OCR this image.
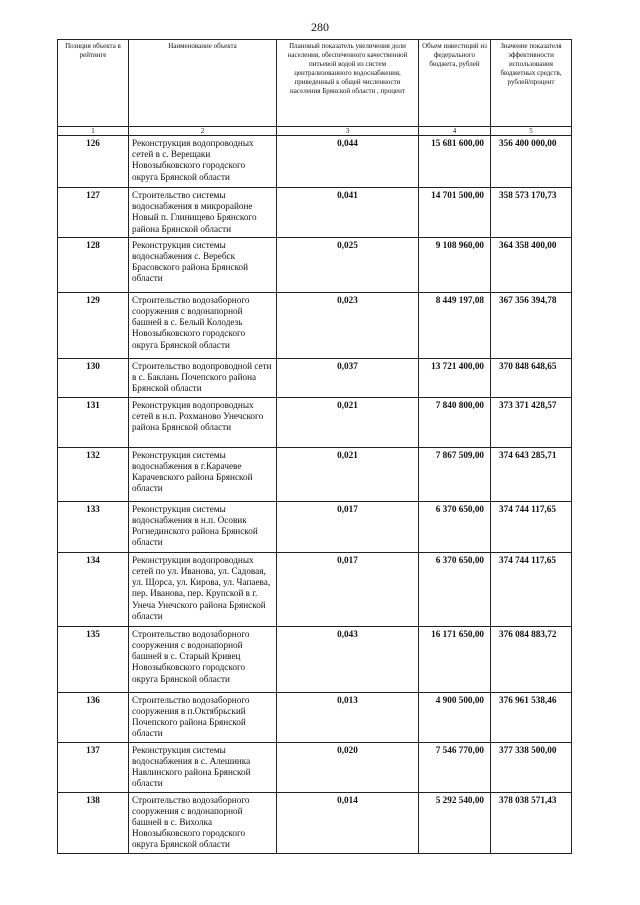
280
Позиция объекта в рейтинге	Наименование объекта	Плановый показатель увеличения доли населения, обеспеченного качественной питьевой водой из систем централизованного водоснабжения, приведенный к общей численности населения Брянской области , процент	Объем инвестиций из федерального бюджета, рублей	Значение показателя эффективности использования бюджетных средств, рублей/процент
1	2	3	4	5
126	Реконструкция водопроводных сетей в с. Верещаки Новозыбковского городского округа Брянской области	0,044	15 681 600,00	356 400 000,00
127	Строительство системы водоснабжения в микрорайоне Новый п. Глинищево Брянского района Брянской области	0,041	14 701 500,00	358 573 170,73
128	Реконструкция системы водоснабжения с. Веребск Брасовского района Брянской области	0,025	9 108 960,00	364 358 400,00
129	Строительство водозаборного сооружения с водонапорной башней в с. Белый Колодезь Новозыбковского городского округа Брянской области	0,023	8 449 197,08	367 356 394,78
130	Строительство водопроводной сети в с. Баклань Почепского района Брянской области	0,037	13 721 400,00	370 848 648,65
131	Реконструкция водопроводных сетей в н.п. Рохманово Унечского района Брянской области	0,021	7 840 800,00	373 371 428,57
132	Реконструкция системы водоснабжения в г.Карачеве Карачевского района Брянской области	0,021	7 867 509,00	374 643 285,71
133	Реконструкция системы водоснабжения в н.п. Осовик Рогнединского района Брянской области	0,017	6 370 650,00	374 744 117,65
134	Реконструкция водопроводных сетей по ул. Иванова, ул. Садовая, ул. Щорса, ул. Кирова, ул. Чапаева, пер. Иванова, пер. Крупской в г. Унеча Унечского района Брянской области	0,017	6 370 650,00	374 744 117,65
135	Строительство водозаборного сооружения с водонапорной башней в с. Старый Кривец Новозыбковского городского округа Брянской области	0,043	16 171 650,00	376 084 883,72
136	Строительство водозаборного сооружения в п.Октябрьский Почепского района Брянской области	0,013	4 900 500,00	376 961 538,46
137	Реконструкция системы водоснабжения в с. Алешинка Навлинского района Брянской области	0,020	7 546 770,00	377 338 500,00
138	Строительство водозаборного сооружения с водонапорной башней в с. Вихолка Новозыбковского городского округа Брянской области	0,014	5 292 540,00	378 038 571,43
